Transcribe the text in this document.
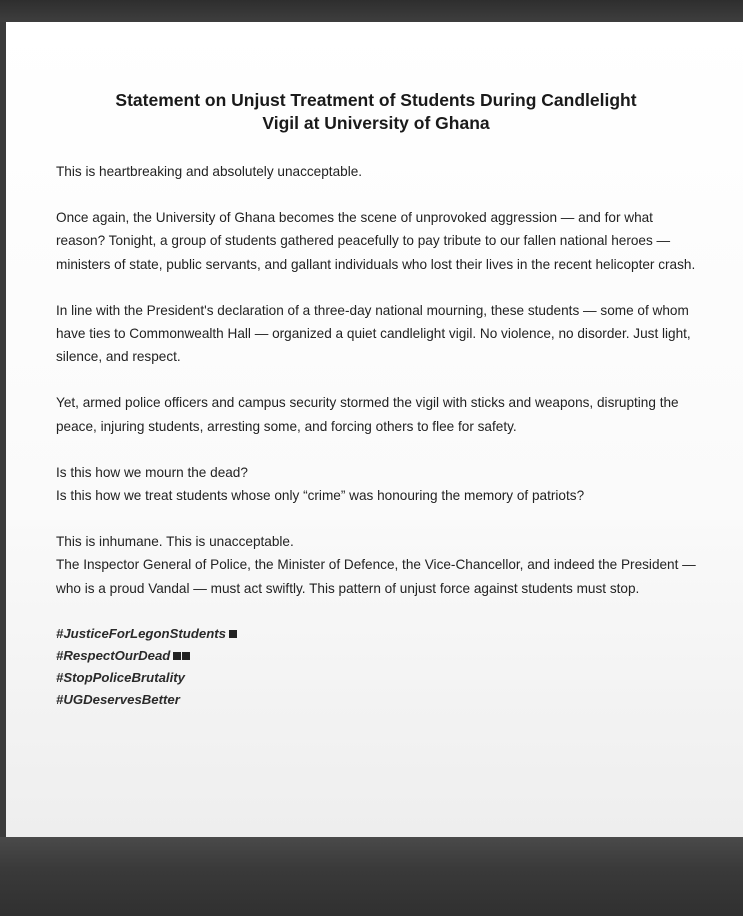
Statement on Unjust Treatment of Students During Candlelight
Vigil at University of Ghana

This is heartbreaking and absolutely unacceptable.

Once again, the University of Ghana becomes the scene of unprovoked aggression — and for what reason? Tonight, a group of students gathered peacefully to pay tribute to our fallen national heroes — ministers of state, public servants, and gallant individuals who lost their lives in the recent helicopter crash.

In line with the President's declaration of a three-day national mourning, these students — some of whom have ties to Commonwealth Hall — organized a quiet candlelight vigil. No violence, no disorder. Just light, silence, and respect.

Yet, armed police officers and campus security stormed the vigil with sticks and weapons, disrupting the peace, injuring students, arresting some, and forcing others to flee for safety.

Is this how we mourn the dead?
Is this how we treat students whose only “crime” was honouring the memory of patriots?

This is inhumane. This is unacceptable.
The Inspector General of Police, the Minister of Defence, the Vice-Chancellor, and indeed the President — who is a proud Vandal — must act swiftly. This pattern of unjust force against students must stop.

#JusticeForLegonStudents
#RespectOurDead
#StopPoliceBrutality
#UGDeservesBetter
